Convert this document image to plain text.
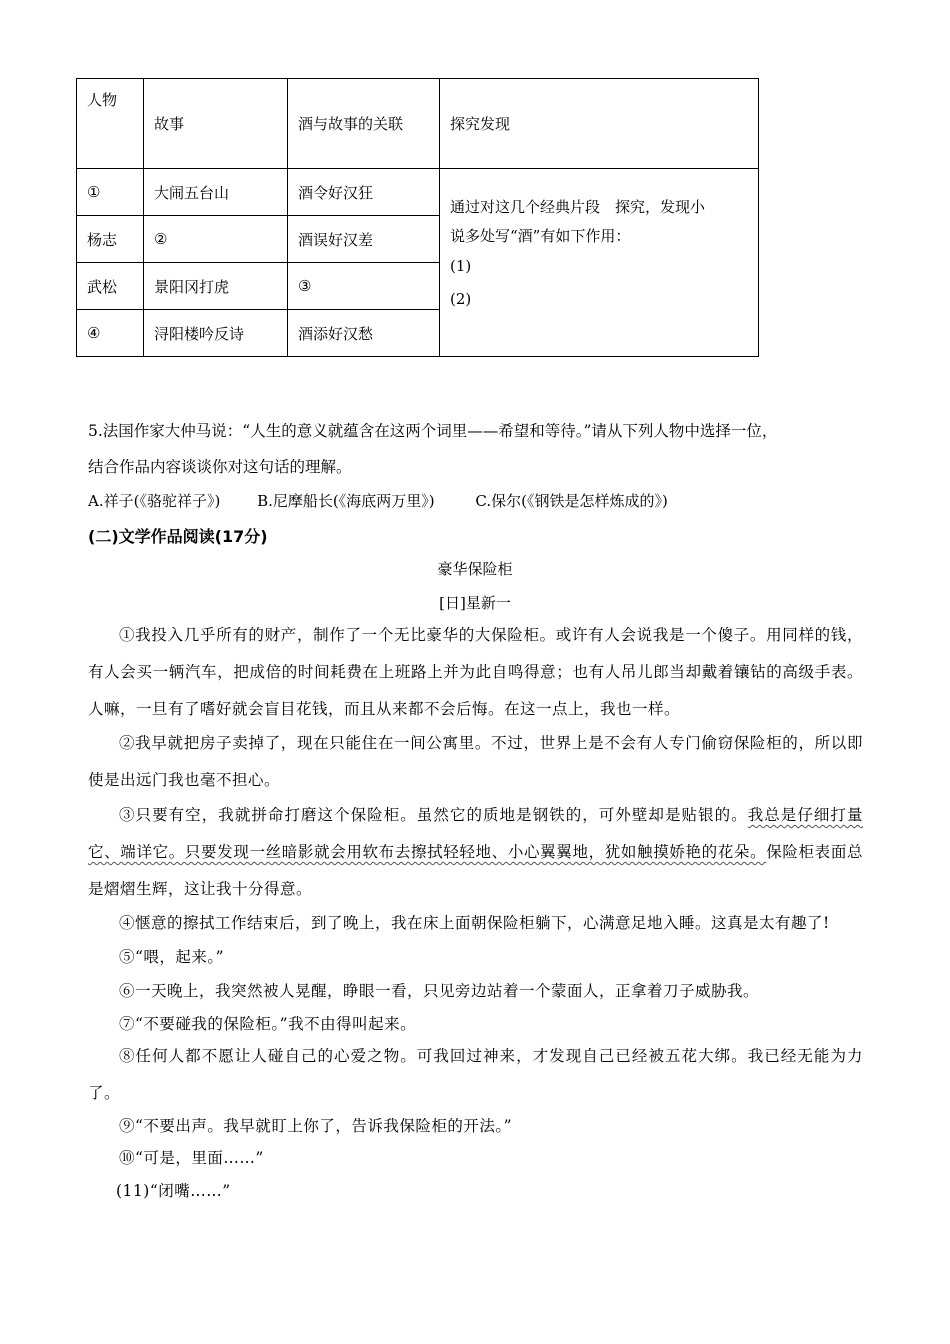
人物	故事	酒与故事的关联	探究发现
①	大闹五台山	酒令好汉狂	通过对这几个经典片段　探究，发现小
说多处写“酒”有如下作用：
(1)
(2)

杨志	②	酒误好汉差	
武松	景阳冈打虎	③	
④	浔阳楼吟反诗	酒添好汉愁	
5.法国作家大仲马说：“人生的意义就蕴含在这两个词里——希望和等待。”请从下列人物中选择一位，
结合作品内容谈谈你对这句话的理解。
A.祥子(《骆驼祥子》) B.尼摩船长(《海底两万里》)	C.保尔(《钢铁是怎样炼成的》)
(二)文学作品阅读(17分)
豪华保险柜
[日]星新一
①我投入几乎所有的财产，制作了一个无比豪华的大保险柜。或许有人会说我是一个傻子。用同样的钱，有人会买一辆汽车，把成倍的时间耗费在上班路上并为此自鸣得意；也有人吊儿郎当却戴着镶钻的高级手表。人嘛，一旦有了嗜好就会盲目花钱，而且从来都不会后悔。在这一点上，我也一样。
②我早就把房子卖掉了，现在只能住在一间公寓里。不过，世界上是不会有人专门偷窃保险柜的，所以即使是出远门我也毫不担心。
③只要有空，我就拼命打磨这个保险柜。虽然它的质地是钢铁的，可外壁却是贴银的。我总是仔细打量它、端详它。只要发现一丝暗影就会用软布去擦拭轻轻地、小心翼翼地，犹如触摸娇艳的花朵。保险柜表面总是熠熠生辉，这让我十分得意。
④惬意的擦拭工作结束后，到了晚上，我在床上面朝保险柜躺下，心满意足地入睡。这真是太有趣了!
⑤“喂，起来。”
⑥一天晚上，我突然被人晃醒，睁眼一看，只见旁边站着一个蒙面人，正拿着刀子威胁我。
⑦“不要碰我的保险柜。”我不由得叫起来。
⑧任何人都不愿让人碰自己的心爱之物。可我回过神来，才发现自己已经被五花大绑。我已经无能为力了。
⑨“不要出声。我早就盯上你了，告诉我保险柜的开法。”
⑩“可是，里面……”
(11)“闭嘴……”
